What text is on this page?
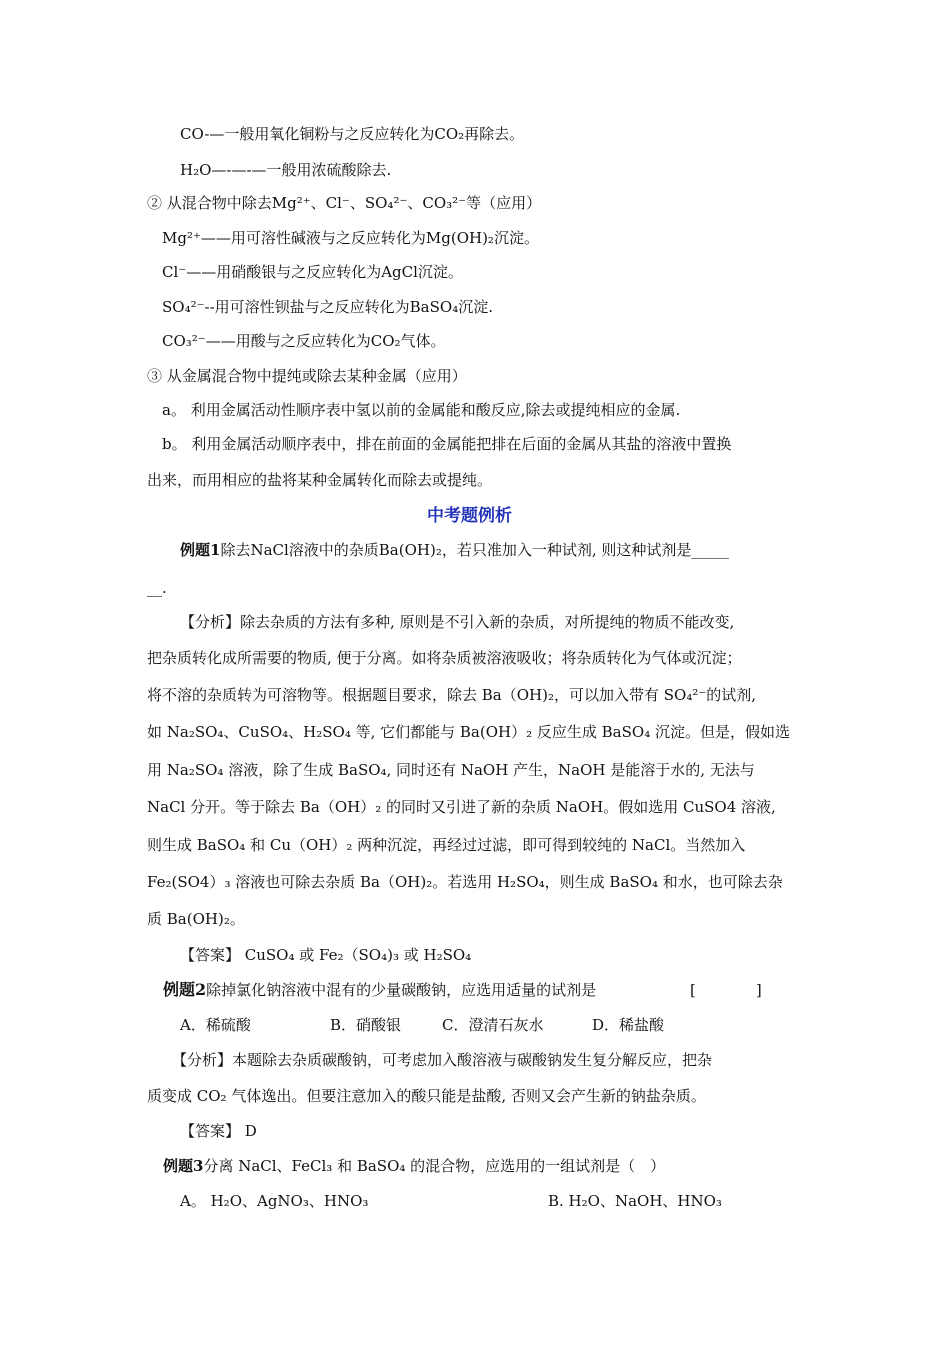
CO-—一般用氧化铜粉与之反应转化为CO₂再除去。
H₂O—-—-—一般用浓硫酸除去.
② 从混合物中除去Mg²⁺、Cl⁻、SO₄²⁻、CO₃²⁻等（应用）
Mg²⁺——用可溶性碱液与之反应转化为Mg(OH)₂沉淀。
Cl⁻——用硝酸银与之反应转化为AgCl沉淀。
SO₄²⁻--用可溶性钡盐与之反应转化为BaSO₄沉淀.
CO₃²⁻——用酸与之反应转化为CO₂气体。
③ 从金属混合物中提纯或除去某种金属（应用）
a。 利用金属活动性顺序表中氢以前的金属能和酸反应,除去或提纯相应的金属.
b。 利用金属活动顺序表中，排在前面的金属能把排在后面的金属从其盐的溶液中置换
出来，而用相应的盐将某种金属转化而除去或提纯。
中考题例析
例题1除去NaCl溶液中的杂质Ba(OH)₂，若只准加入一种试剂, 则这种试剂是_____
__.
【分析】除去杂质的方法有多种, 原则是不引入新的杂质，对所提纯的物质不能改变,
把杂质转化成所需要的物质, 便于分离。如将杂质被溶液吸收；将杂质转化为气体或沉淀；
将不溶的杂质转为可溶物等。根据题目要求，除去 Ba（OH)₂，可以加入带有 SO₄²⁻的试剂,
如 Na₂SO₄、CuSO₄、H₂SO₄ 等, 它们都能与 Ba(OH）₂ 反应生成 BaSO₄ 沉淀。但是，假如选
用 Na₂SO₄ 溶液，除了生成 BaSO₄, 同时还有 NaOH 产生，NaOH 是能溶于水的, 无法与
NaCl 分开。等于除去 Ba（OH）₂ 的同时又引进了新的杂质 NaOH。假如选用 CuSO4 溶液,
则生成 BaSO₄ 和 Cu（OH）₂ 两种沉淀，再经过过滤，即可得到较纯的 NaCl。当然加入
Fe₂(SO4）₃ 溶液也可除去杂质 Ba（OH)₂。若选用 H₂SO₄，则生成 BaSO₄ 和水，也可除去杂
质 Ba(OH)₂。
【答案】 CuSO₄ 或 Fe₂（SO₄)₃ 或 H₂SO₄
例题2除掉氯化钠溶液中混有的少量碳酸钠，应选用适量的试剂是	[　　　　]
A．稀硫酸	B．硝酸银	C．澄清石灰水	D．稀盐酸
【分析】本题除去杂质碳酸钠，可考虑加入酸溶液与碳酸钠发生复分解反应，把杂
质变成 CO₂ 气体逸出。但要注意加入的酸只能是盐酸, 否则又会产生新的钠盐杂质。
【答案】 D
例题3分离 NaCl、FeCl₃ 和 BaSO₄ 的混合物，应选用的一组试剂是（　）
A。 H₂O、AgNO₃、HNO₃	B. H₂O、NaOH、HNO₃
